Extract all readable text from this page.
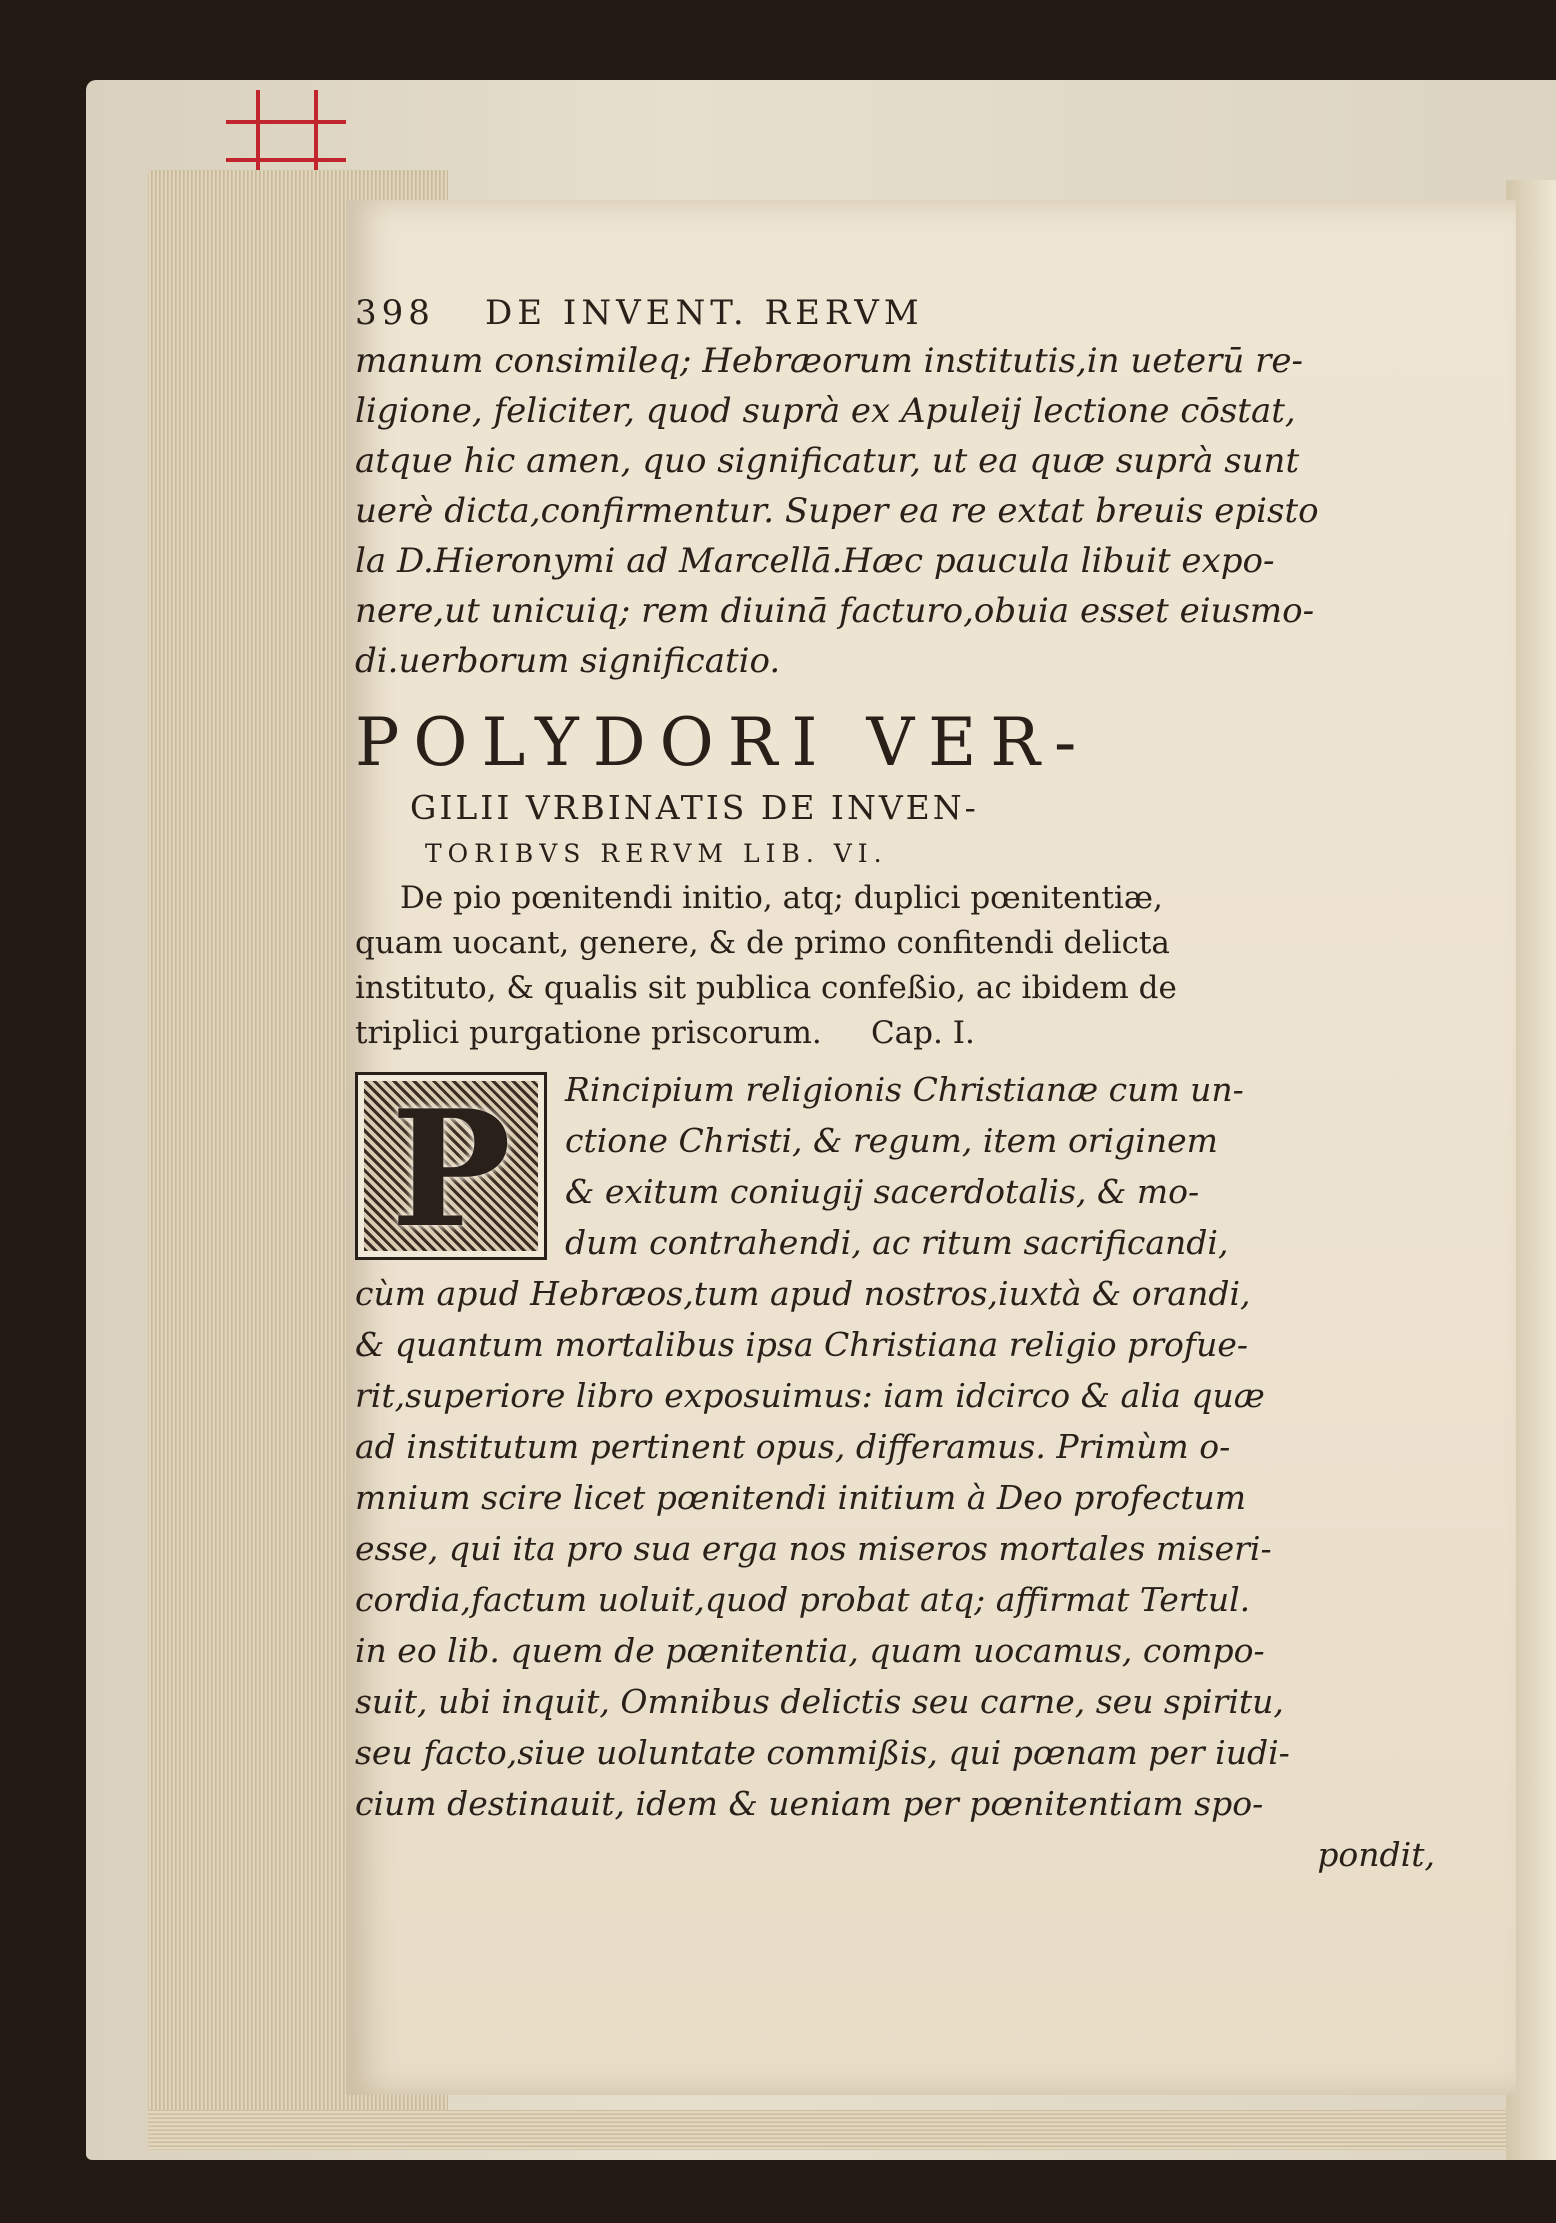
398 DE INVENT. RERVM
manum consimileq; Hebræorum institutis,in ueterū re-
ligione, feliciter, quod suprà ex Apuleij lectione cōstat,
atque hic amen, quo significatur, ut ea quæ suprà sunt
uerè dicta,confirmentur. Super ea re extat breuis episto
la D.Hieronymi ad Marcellā.Hæc paucula libuit expo-
nere,ut unicuiq; rem diuinā facturo,obuia esset eiusmo-
di.uerborum significatio.
POLYDORI VER-
GILII VRBINATIS DE INVEN-
TORIBVS RERVM LIB. VI.
De pio pœnitendi initio, atq; duplici pœnitentiæ,
quam uocant, genere, & de primo confitendi delicta
instituto, & qualis sit publica confeßio, ac ibidem de
triplici purgatione priscorum.     Cap. I.
P	Rincipium religionis Christianæ cum un-
ctione Christi, & regum, item originem
& exitum coniugij sacerdotalis, & mo-
dum contrahendi, ac ritum sacrificandi,
cùm apud Hebræos,tum apud nostros,iuxtà & orandi,
& quantum mortalibus ipsa Christiana religio profue-
rit,superiore libro exposuimus: iam idcirco & alia quæ
ad institutum pertinent opus, differamus. Primùm o-
mnium scire licet pœnitendi initium à Deo profectum
esse, qui ita pro sua erga nos miseros mortales miseri-
cordia,factum uoluit,quod probat atq; affirmat Tertul.
in eo lib. quem de pœnitentia, quam uocamus, compo-
suit, ubi inquit, Omnibus delictis seu carne, seu spiritu,
seu facto,siue uoluntate commißis, qui pœnam per iudi-
cium destinauit, idem & ueniam per pœnitentiam spo-
pondit,
